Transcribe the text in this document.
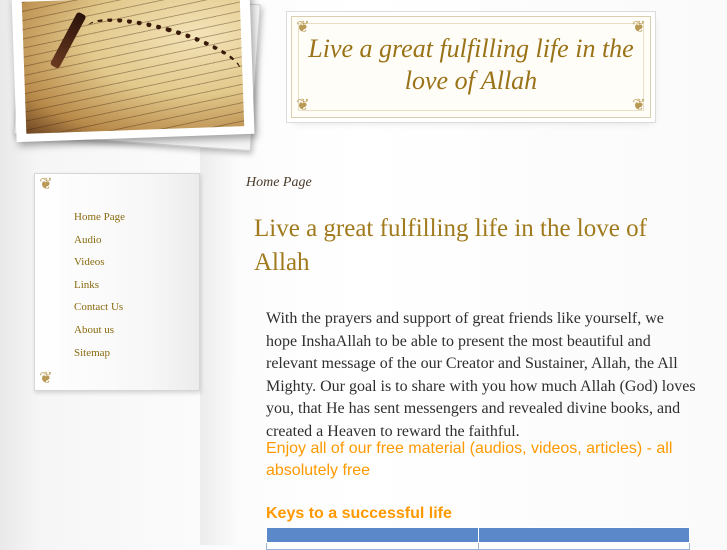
❦	❦
❦	❦
Live a great fulfilling life in the love of Allah
❦
❦
Home Page
Audio
Videos
Links
Contact Us
About us
Sitemap
Home Page
Live a great fulfilling life in the love of Allah

With the prayers and support of great friends like yourself, we hope InshaAllah to be able to present the most beautiful and relevant message of the our Creator and Sustainer, Allah, the All Mighty. Our goal is to share with you how much Allah (God) loves you, that He has sent messengers and revealed divine books, and created a Heaven to reward the faithful.

Enjoy all of our free material (audios, videos, articles) - all absolutely free

Keys to a successful life
